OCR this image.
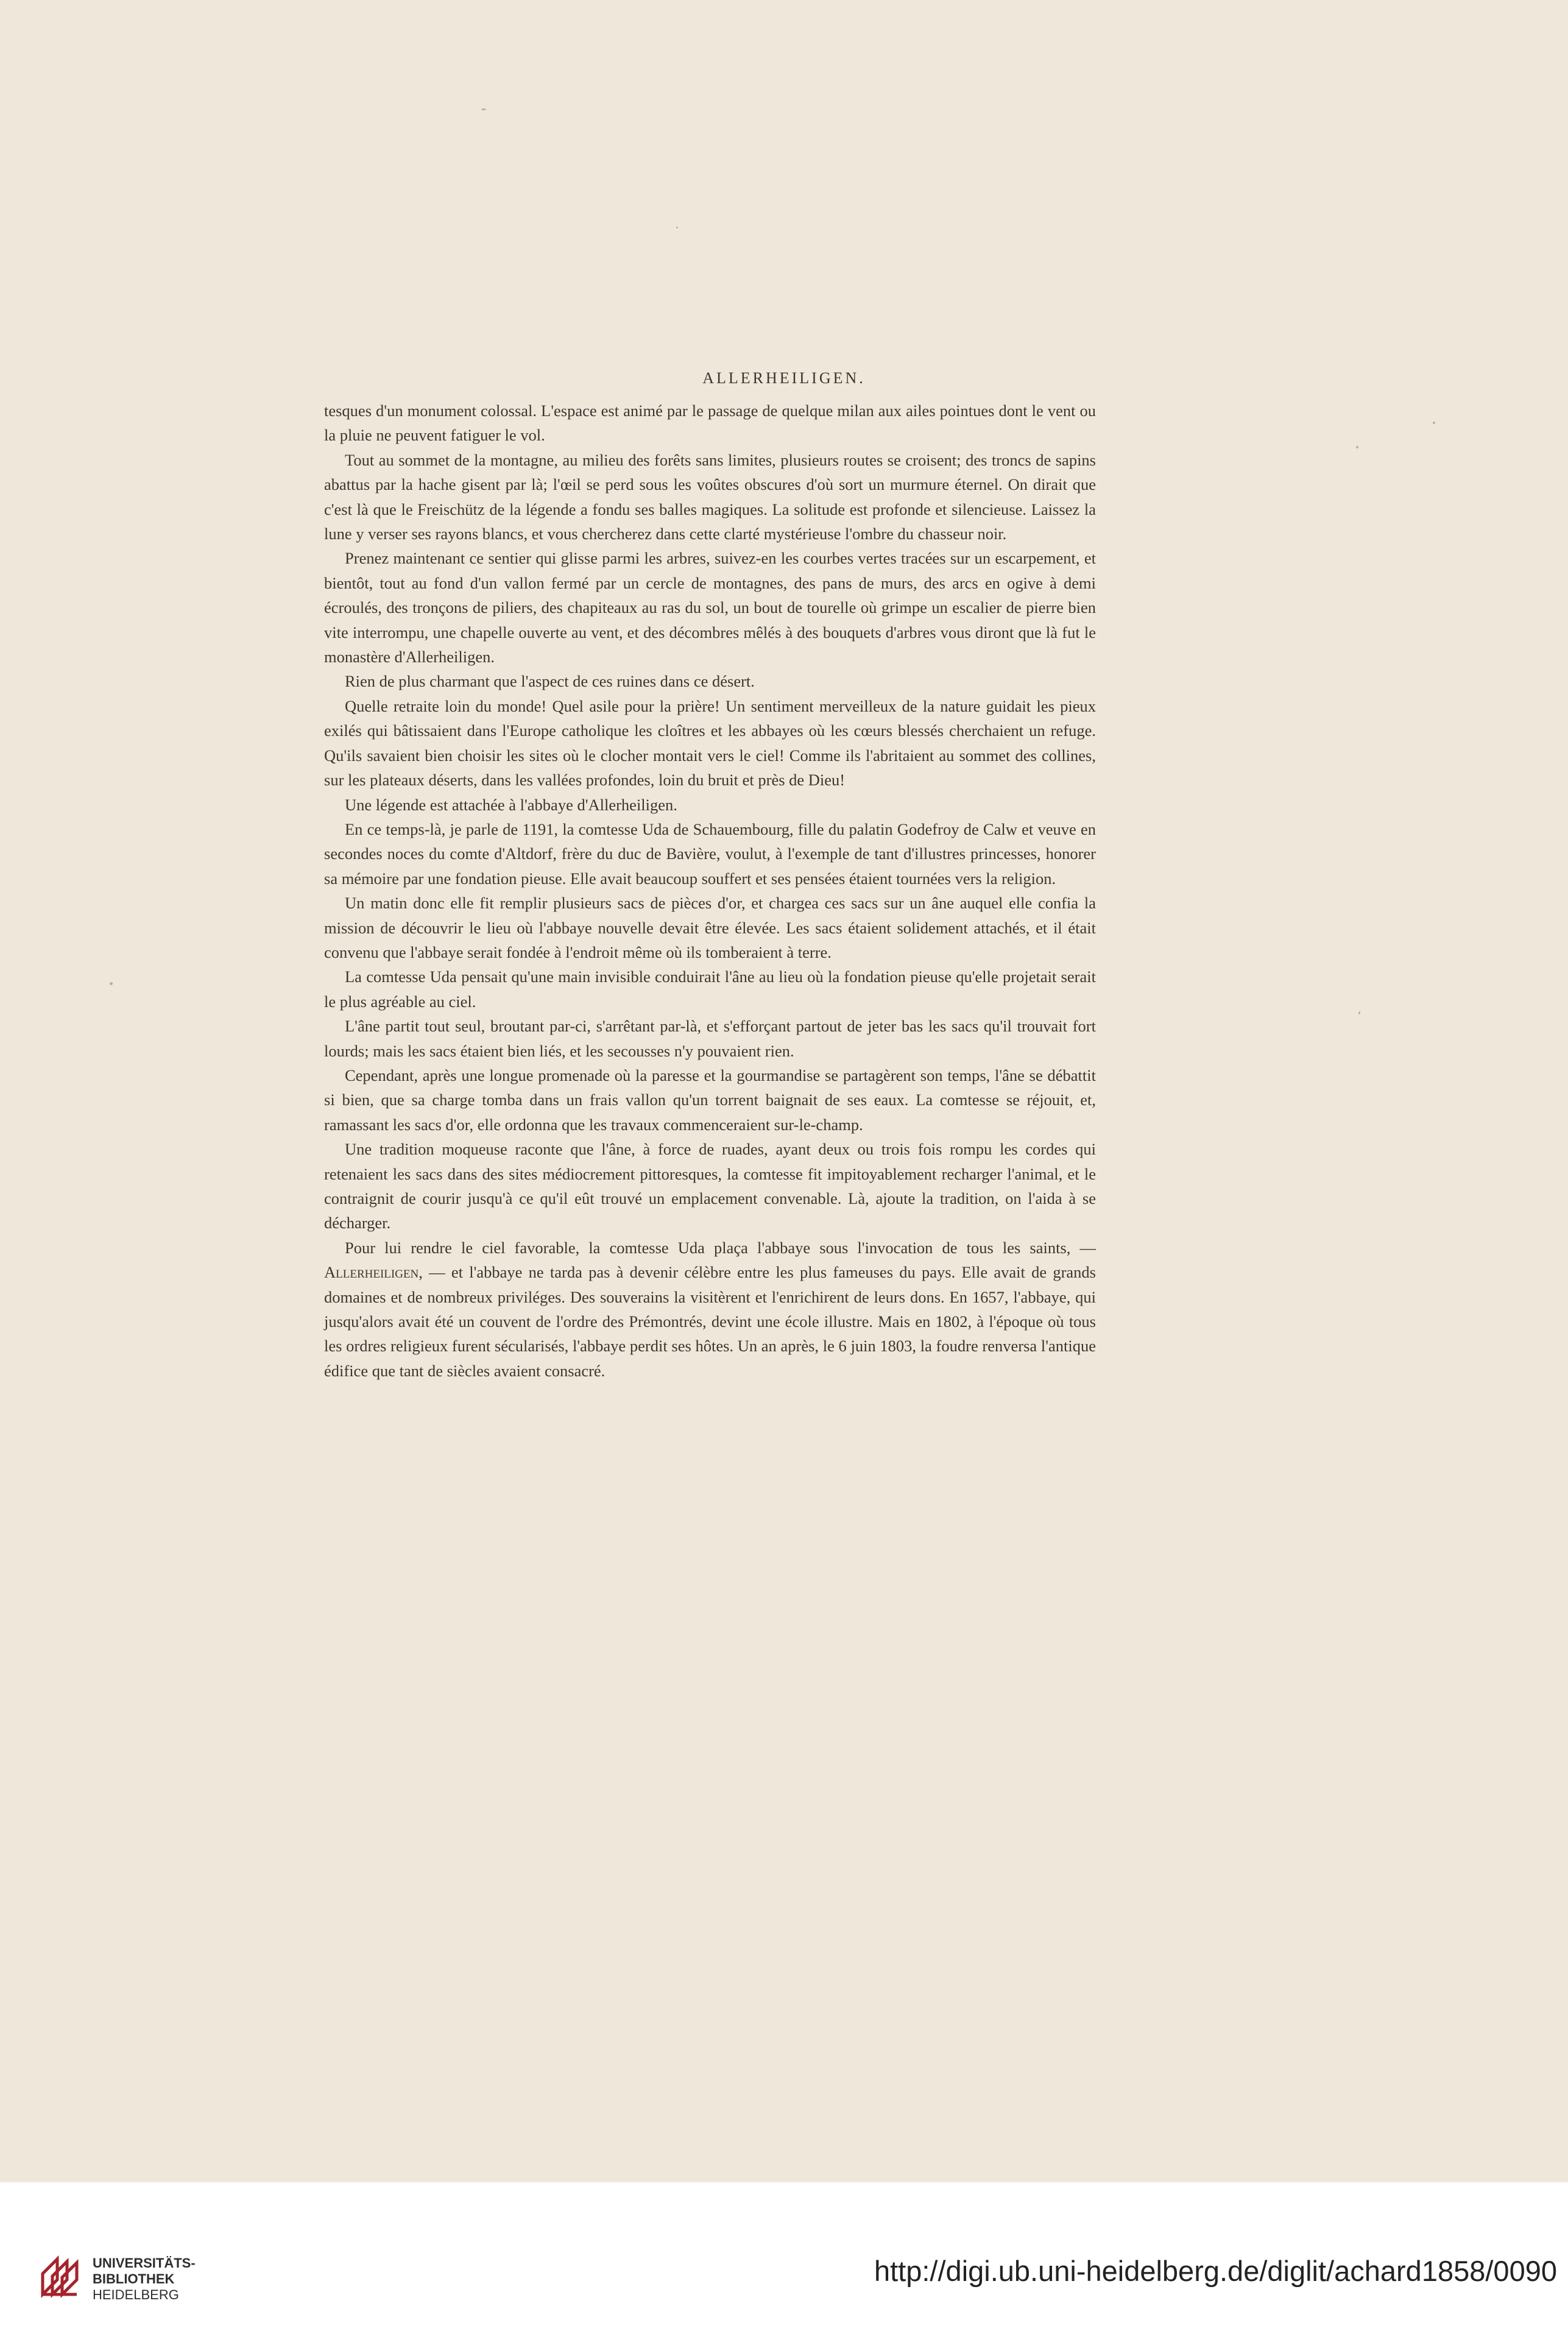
ALLERHEILIGEN.

tesques d'un monument colossal. L'espace est animé par le passage de quelque milan aux ailes pointues dont le vent ou la pluie ne peuvent fatiguer le vol.

Tout au sommet de la montagne, au milieu des forêts sans limites, plusieurs routes se croisent; des troncs de sapins abattus par la hache gisent par là; l'œil se perd sous les voûtes obscures d'où sort un murmure éternel. On dirait que c'est là que le Freischütz de la légende a fondu ses balles magiques. La solitude est profonde et silencieuse. Laissez la lune y verser ses rayons blancs, et vous chercherez dans cette clarté mystérieuse l'ombre du chasseur noir.

Prenez maintenant ce sentier qui glisse parmi les arbres, suivez-en les courbes vertes tracées sur un escarpement, et bientôt, tout au fond d'un vallon fermé par un cercle de montagnes, des pans de murs, des arcs en ogive à demi écroulés, des tronçons de piliers, des chapiteaux au ras du sol, un bout de tourelle où grimpe un escalier de pierre bien vite interrompu, une chapelle ouverte au vent, et des décombres mêlés à des bouquets d'arbres vous diront que là fut le monastère d'Allerheiligen.

Rien de plus charmant que l'aspect de ces ruines dans ce désert.

Quelle retraite loin du monde! Quel asile pour la prière! Un sentiment merveilleux de la nature guidait les pieux exilés qui bâtissaient dans l'Europe catholique les cloîtres et les abbayes où les cœurs blessés cherchaient un refuge. Qu'ils savaient bien choisir les sites où le clocher montait vers le ciel! Comme ils l'abritaient au sommet des collines, sur les plateaux déserts, dans les vallées profondes, loin du bruit et près de Dieu!

Une légende est attachée à l'abbaye d'Allerheiligen.

En ce temps-là, je parle de 1191, la comtesse Uda de Schauembourg, fille du palatin Godefroy de Calw et veuve en secondes noces du comte d'Altdorf, frère du duc de Bavière, voulut, à l'exemple de tant d'illustres princesses, honorer sa mémoire par une fondation pieuse. Elle avait beaucoup souffert et ses pensées étaient tournées vers la religion.

Un matin donc elle fit remplir plusieurs sacs de pièces d'or, et chargea ces sacs sur un âne auquel elle confia la mission de découvrir le lieu où l'abbaye nouvelle devait être élevée. Les sacs étaient solidement attachés, et il était convenu que l'abbaye serait fondée à l'endroit même où ils tomberaient à terre.

La comtesse Uda pensait qu'une main invisible conduirait l'âne au lieu où la fondation pieuse qu'elle projetait serait le plus agréable au ciel.

L'âne partit tout seul, broutant par-ci, s'arrêtant par-là, et s'efforçant partout de jeter bas les sacs qu'il trouvait fort lourds; mais les sacs étaient bien liés, et les secousses n'y pouvaient rien.

Cependant, après une longue promenade où la paresse et la gourmandise se partagèrent son temps, l'âne se débattit si bien, que sa charge tomba dans un frais vallon qu'un torrent baignait de ses eaux. La comtesse se réjouit, et, ramassant les sacs d'or, elle ordonna que les travaux commenceraient sur-le-champ.

Une tradition moqueuse raconte que l'âne, à force de ruades, ayant deux ou trois fois rompu les cordes qui retenaient les sacs dans des sites médiocrement pittoresques, la comtesse fit impitoyablement recharger l'animal, et le contraignit de courir jusqu'à ce qu'il eût trouvé un emplacement convenable. Là, ajoute la tradition, on l'aida à se décharger.

Pour lui rendre le ciel favorable, la comtesse Uda plaça l'abbaye sous l'invocation de tous les saints, — Allerheiligen, — et l'abbaye ne tarda pas à devenir célèbre entre les plus fameuses du pays. Elle avait de grands domaines et de nombreux priviléges. Des souverains la visitèrent et l'enrichirent de leurs dons. En 1657, l'abbaye, qui jusqu'alors avait été un couvent de l'ordre des Prémontrés, devint une école illustre. Mais en 1802, à l'époque où tous les ordres religieux furent sécularisés, l'abbaye perdit ses hôtes. Un an après, le 6 juin 1803, la foudre renversa l'antique édifice que tant de siècles avaient consacré.

UNIVERSITÄTS-
BIBLIOTHEK
HEIDELBERG
http://digi.ub.uni-heidelberg.de/diglit/achard1858/0090
